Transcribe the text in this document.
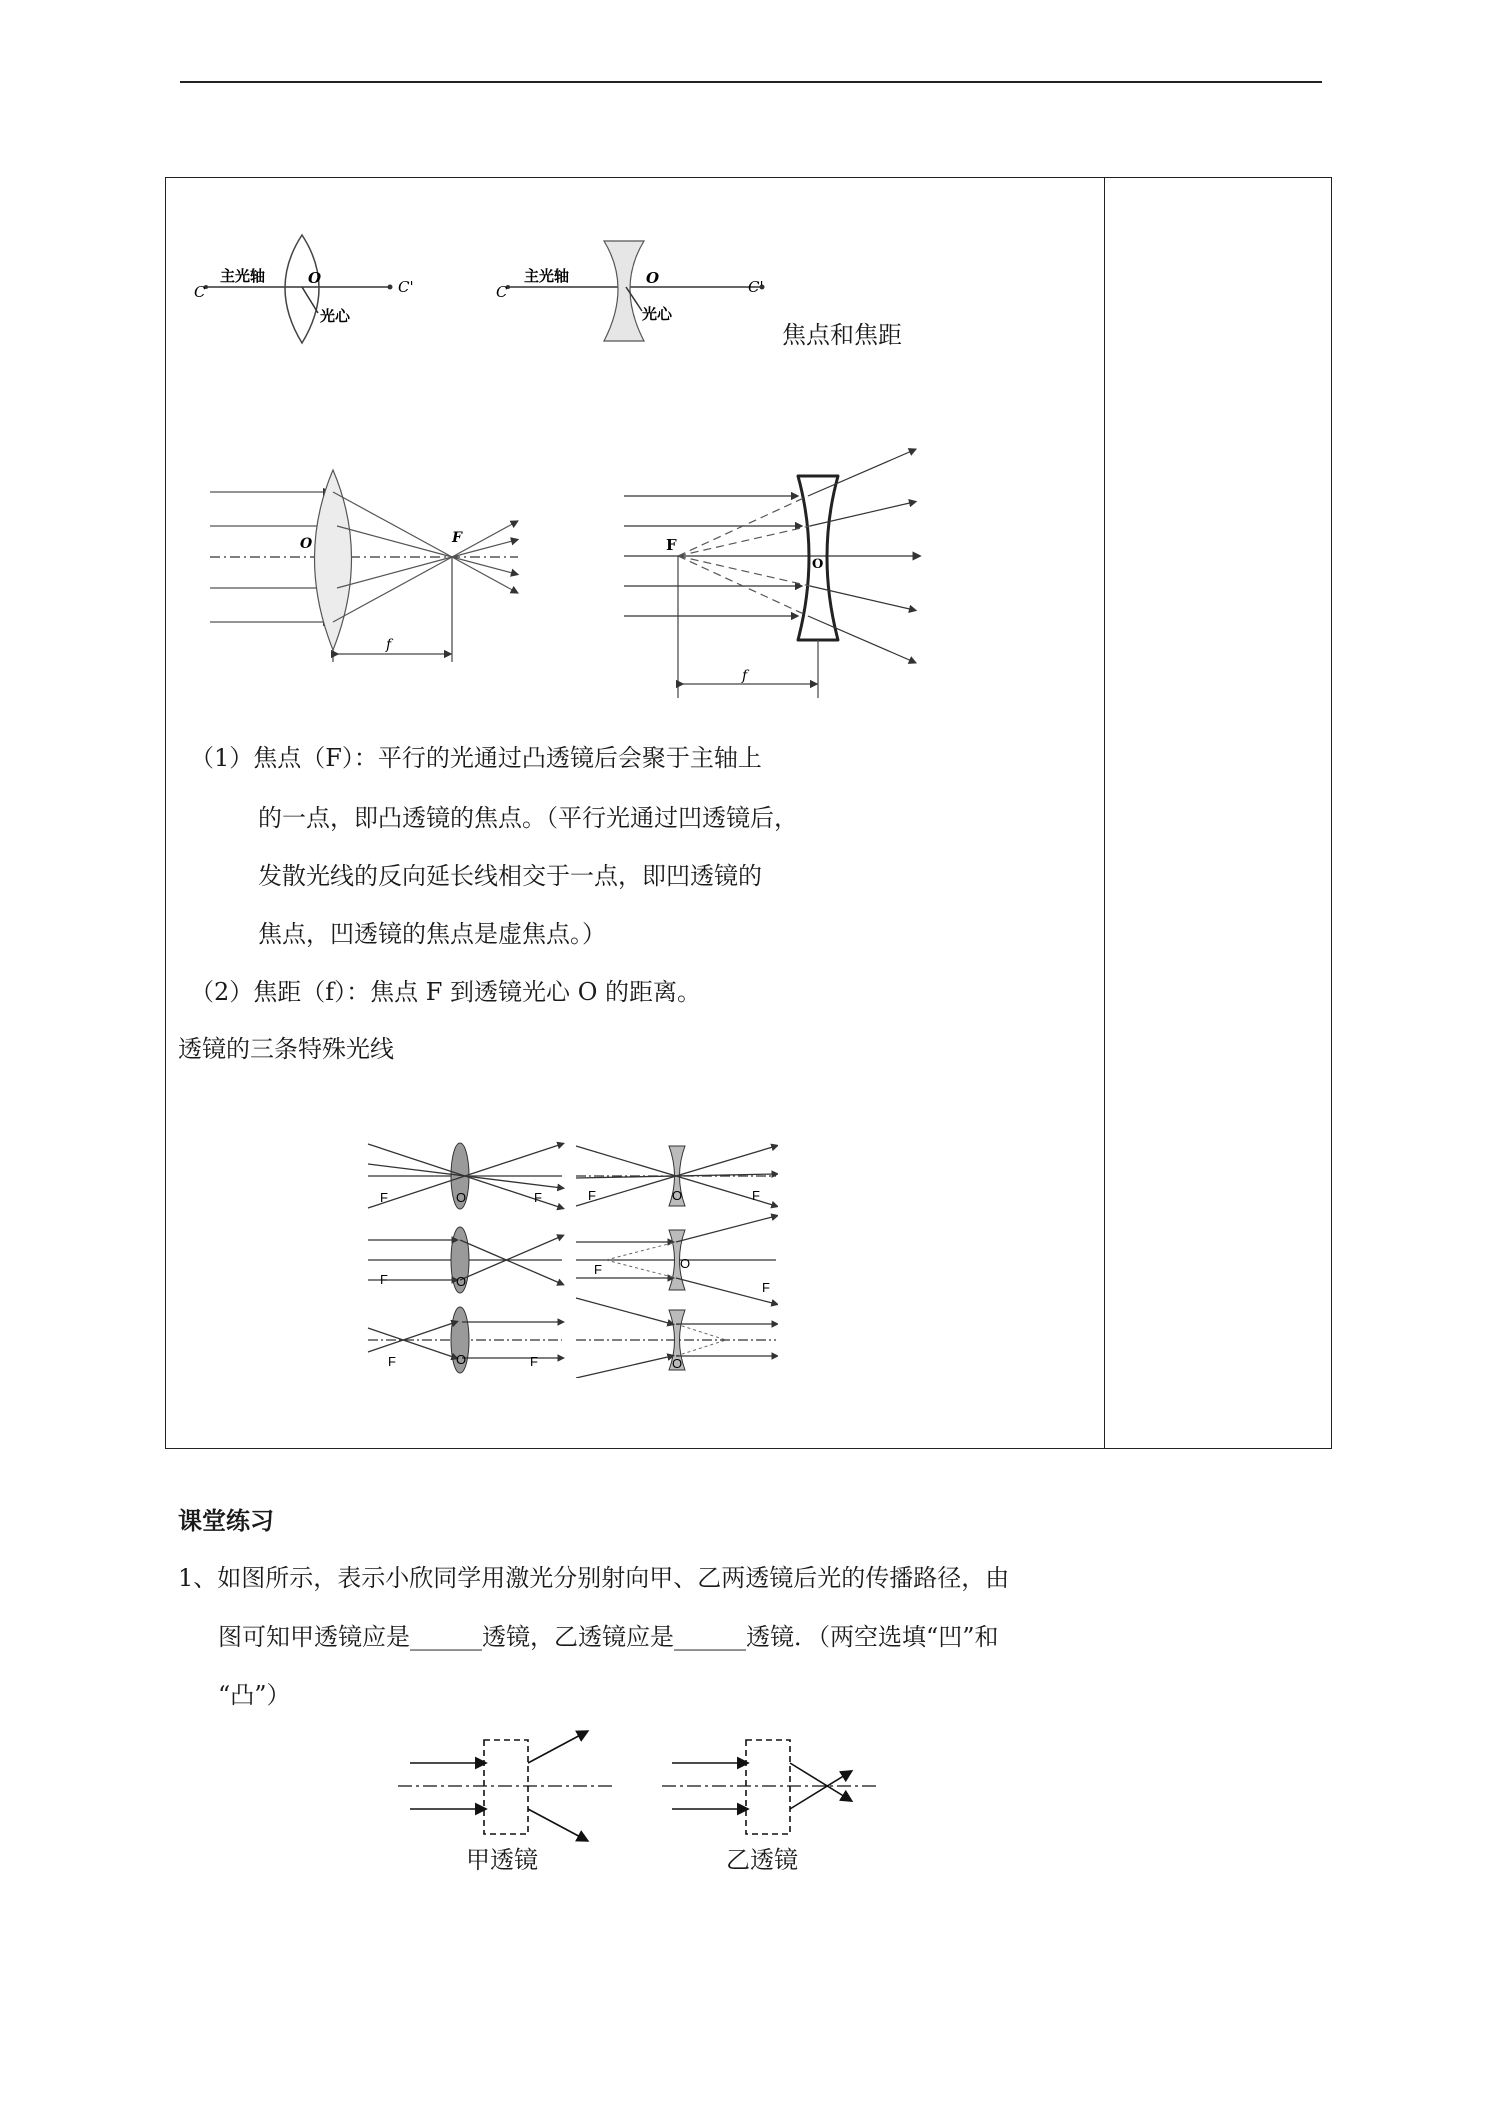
C
主光轴	O
光心
C'	C
主光轴	O
光心
C'
焦点和焦距
O	F
f
F
O
f
（1）焦点（F）：平行的光通过凸透镜后会聚于主轴上
的一点，即凸透镜的焦点。（平行光通过凹透镜后，
发散光线的反向延长线相交于一点，即凹透镜的
焦点，凹透镜的焦点是虚焦点。）
（2）焦距（f）：焦点 F 到透镜光心 O 的距离。
透镜的三条特殊光线
F	O	F	F	O	F
F	O
F	O
F
F	O	F	O
课堂练习
1、如图所示，表示小欣同学用激光分别射向甲、乙两透镜后光的传播路径，由
图可知甲透镜应是______透镜，乙透镜应是______透镜．（两空选填“凹”和
“凸”）
甲透镜	乙透镜
